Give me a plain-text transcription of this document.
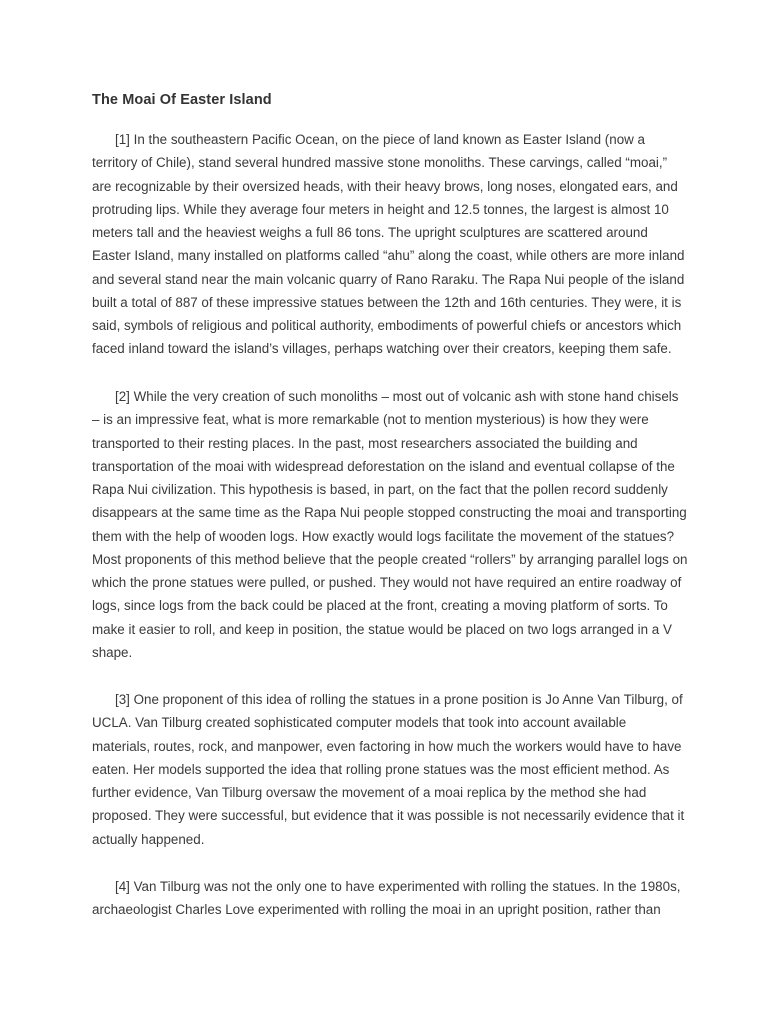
The Moai Of Easter Island
[1] In the southeastern Pacific Ocean, on the piece of land known as Easter Island (now a
territory of Chile), stand several hundred massive stone monoliths. These carvings, called “moai,”
are recognizable by their oversized heads, with their heavy brows, long noses, elongated ears, and
protruding lips. While they average four meters in height and 12.5 tonnes, the largest is almost 10
meters tall and the heaviest weighs a full 86 tons. The upright sculptures are scattered around
Easter Island, many installed on platforms called “ahu” along the coast, while others are more inland
and several stand near the main volcanic quarry of Rano Raraku. The Rapa Nui people of the island
built a total of 887 of these impressive statues between the 12th and 16th centuries. They were, it is
said, symbols of religious and political authority, embodiments of powerful chiefs or ancestors which
faced inland toward the island’s villages, perhaps watching over their creators, keeping them safe.
[2] While the very creation of such monoliths – most out of volcanic ash with stone hand chisels
– is an impressive feat, what is more remarkable (not to mention mysterious) is how they were
transported to their resting places. In the past, most researchers associated the building and
transportation of the moai with widespread deforestation on the island and eventual collapse of the
Rapa Nui civilization. This hypothesis is based, in part, on the fact that the pollen record suddenly
disappears at the same time as the Rapa Nui people stopped constructing the moai and transporting
them with the help of wooden logs. How exactly would logs facilitate the movement of the statues?
Most proponents of this method believe that the people created “rollers” by arranging parallel logs on
which the prone statues were pulled, or pushed. They would not have required an entire roadway of
logs, since logs from the back could be placed at the front, creating a moving platform of sorts. To
make it easier to roll, and keep in position, the statue would be placed on two logs arranged in a V
shape.
[3] One proponent of this idea of rolling the statues in a prone position is Jo Anne Van Tilburg, of
UCLA. Van Tilburg created sophisticated computer models that took into account available
materials, routes, rock, and manpower, even factoring in how much the workers would have to have
eaten. Her models supported the idea that rolling prone statues was the most efficient method. As
further evidence, Van Tilburg oversaw the movement of a moai replica by the method she had
proposed. They were successful, but evidence that it was possible is not necessarily evidence that it
actually happened.
[4] Van Tilburg was not the only one to have experimented with rolling the statues. In the 1980s,
archaeologist Charles Love experimented with rolling the moai in an upright position, rather than
